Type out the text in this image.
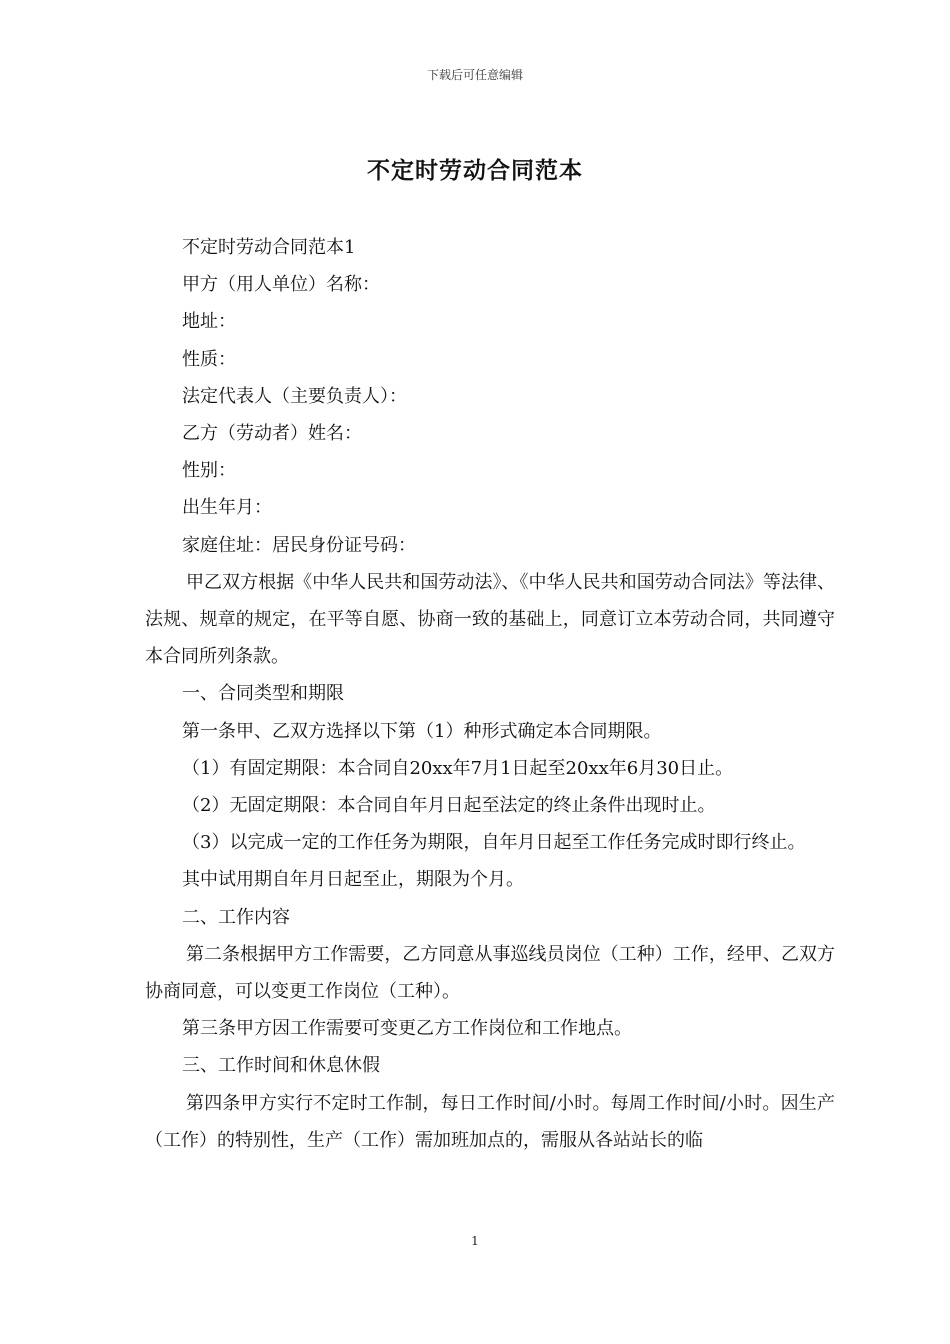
下载后可任意编辑
不定时劳动合同范本

不定时劳动合同范本1

甲方（用人单位）名称：

地址：

性质：

法定代表人（主要负责人）：

乙方（劳动者）姓名：

性别：

出生年月：

家庭住址：居民身份证号码：

甲乙双方根据《中华人民共和国劳动法》、《中华人民共和国劳动合同法》等法律、法规、规章的规定，在平等自愿、协商一致的基础上，同意订立本劳动合同，共同遵守本合同所列条款。

一、合同类型和期限

第一条甲、乙双方选择以下第（1）种形式确定本合同期限。

（1）有固定期限：本合同自20xx年7月1日起至20xx年6月30日止。

（2）无固定期限：本合同自年月日起至法定的终止条件出现时止。

（3）以完成一定的工作任务为期限，自年月日起至工作任务完成时即行终止。

其中试用期自年月日起至止，期限为个月。

二、工作内容

第二条根据甲方工作需要，乙方同意从事巡线员岗位（工种）工作，经甲、乙双方协商同意，可以变更工作岗位（工种）。

第三条甲方因工作需要可变更乙方工作岗位和工作地点。

三、工作时间和休息休假

第四条甲方实行不定时工作制，每日工作时间/小时。每周工作时间/小时。因生产（工作）的特别性，生产（工作）需加班加点的，需服从各站站长的临

1
